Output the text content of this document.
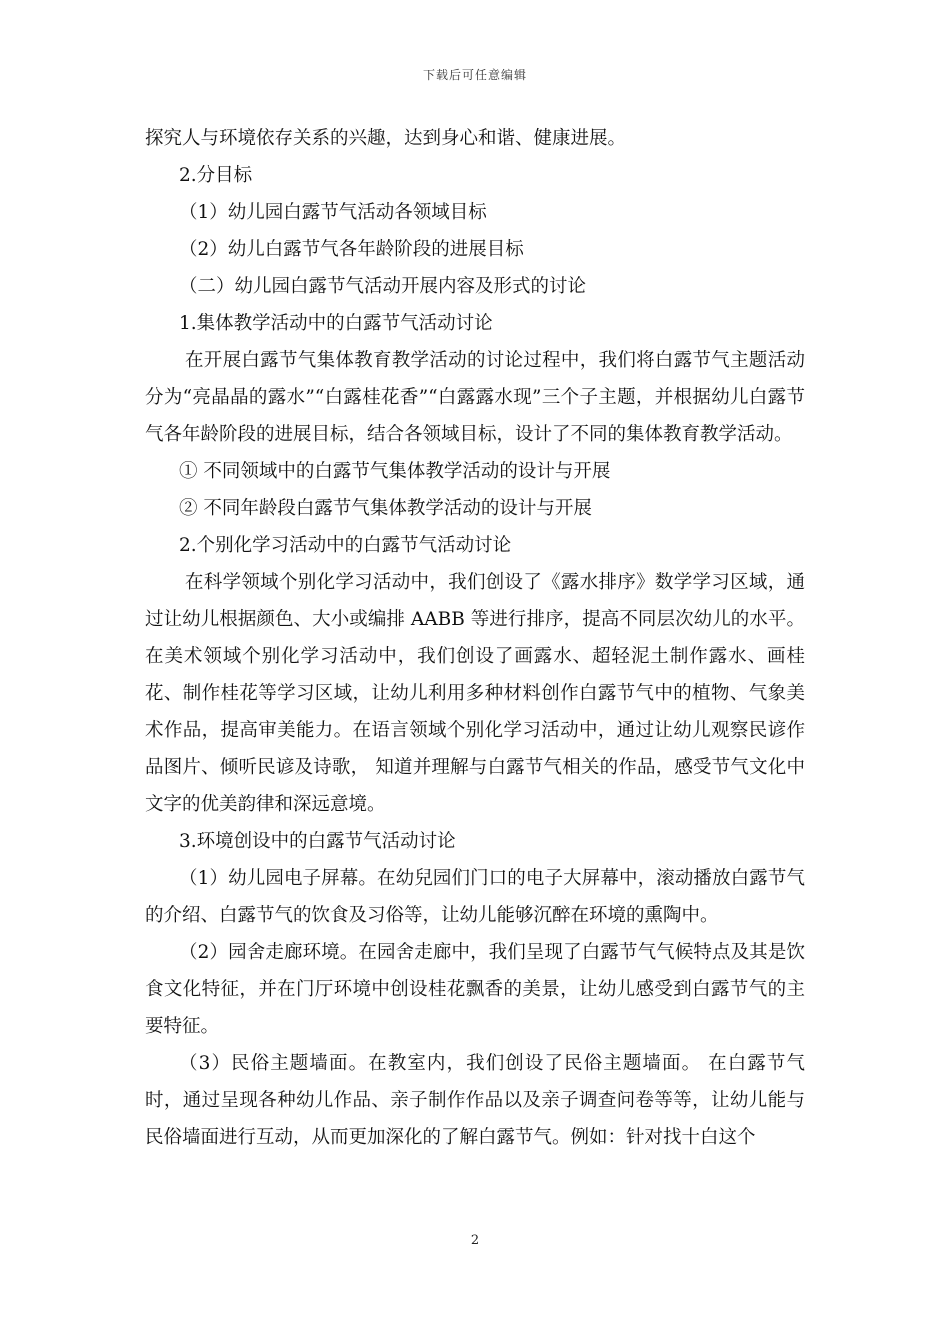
下载后可任意编辑

探究人与环境依存关系的兴趣，达到身心和谐、健康进展。

2.分目标

（1）幼儿园白露节气活动各领域目标

（2）幼儿白露节气各年龄阶段的进展目标

（二）幼儿园白露节气活动开展内容及形式的讨论

1.集体教学活动中的白露节气活动讨论

在开展白露节气集体教育教学活动的讨论过程中，我们将白露节气主题活动分为“亮晶晶的露水”“白露桂花香”“白露露水现”三个子主题，并根据幼儿白露节气各年龄阶段的进展目标，结合各领域目标，设计了不同的集体教育教学活动。

① 不同领域中的白露节气集体教学活动的设计与开展

② 不同年龄段白露节气集体教学活动的设计与开展

2.个别化学习活动中的白露节气活动讨论

在科学领域个别化学习活动中，我们创设了《露水排序》数学学习区域，通过让幼儿根据颜色、大小或编排 AABB 等进行排序，提高不同层次幼儿的水平。在美术领域个别化学习活动中，我们创设了画露水、超轻泥土制作露水、画桂花、制作桂花等学习区域，让幼儿利用多种材料创作白露节气中的植物、气象美术作品，提高审美能力。在语言领域个别化学习活动中，通过让幼儿观察民谚作品图片、倾听民谚及诗歌， 知道并理解与白露节气相关的作品，感受节气文化中文字的优美韵律和深远意境。

3.环境创设中的白露节气活动讨论

（1）幼儿园电子屏幕。在幼兒园们门口的电子大屏幕中，滚动播放白露节气的介绍、白露节气的饮食及习俗等，让幼儿能够沉醉在环境的熏陶中。

（2）园舍走廊环境。在园舍走廊中，我们呈现了白露节气气候特点及其是饮食文化特征，并在门厅环境中创设桂花飘香的美景，让幼儿感受到白露节气的主要特征。

（3）民俗主题墙面。在教室内，我们创设了民俗主题墙面。 在白露节气时，通过呈现各种幼儿作品、亲子制作作品以及亲子调查问卷等等，让幼儿能与民俗墙面进行互动，从而更加深化的了解白露节气。例如：针对找十白这个

2
